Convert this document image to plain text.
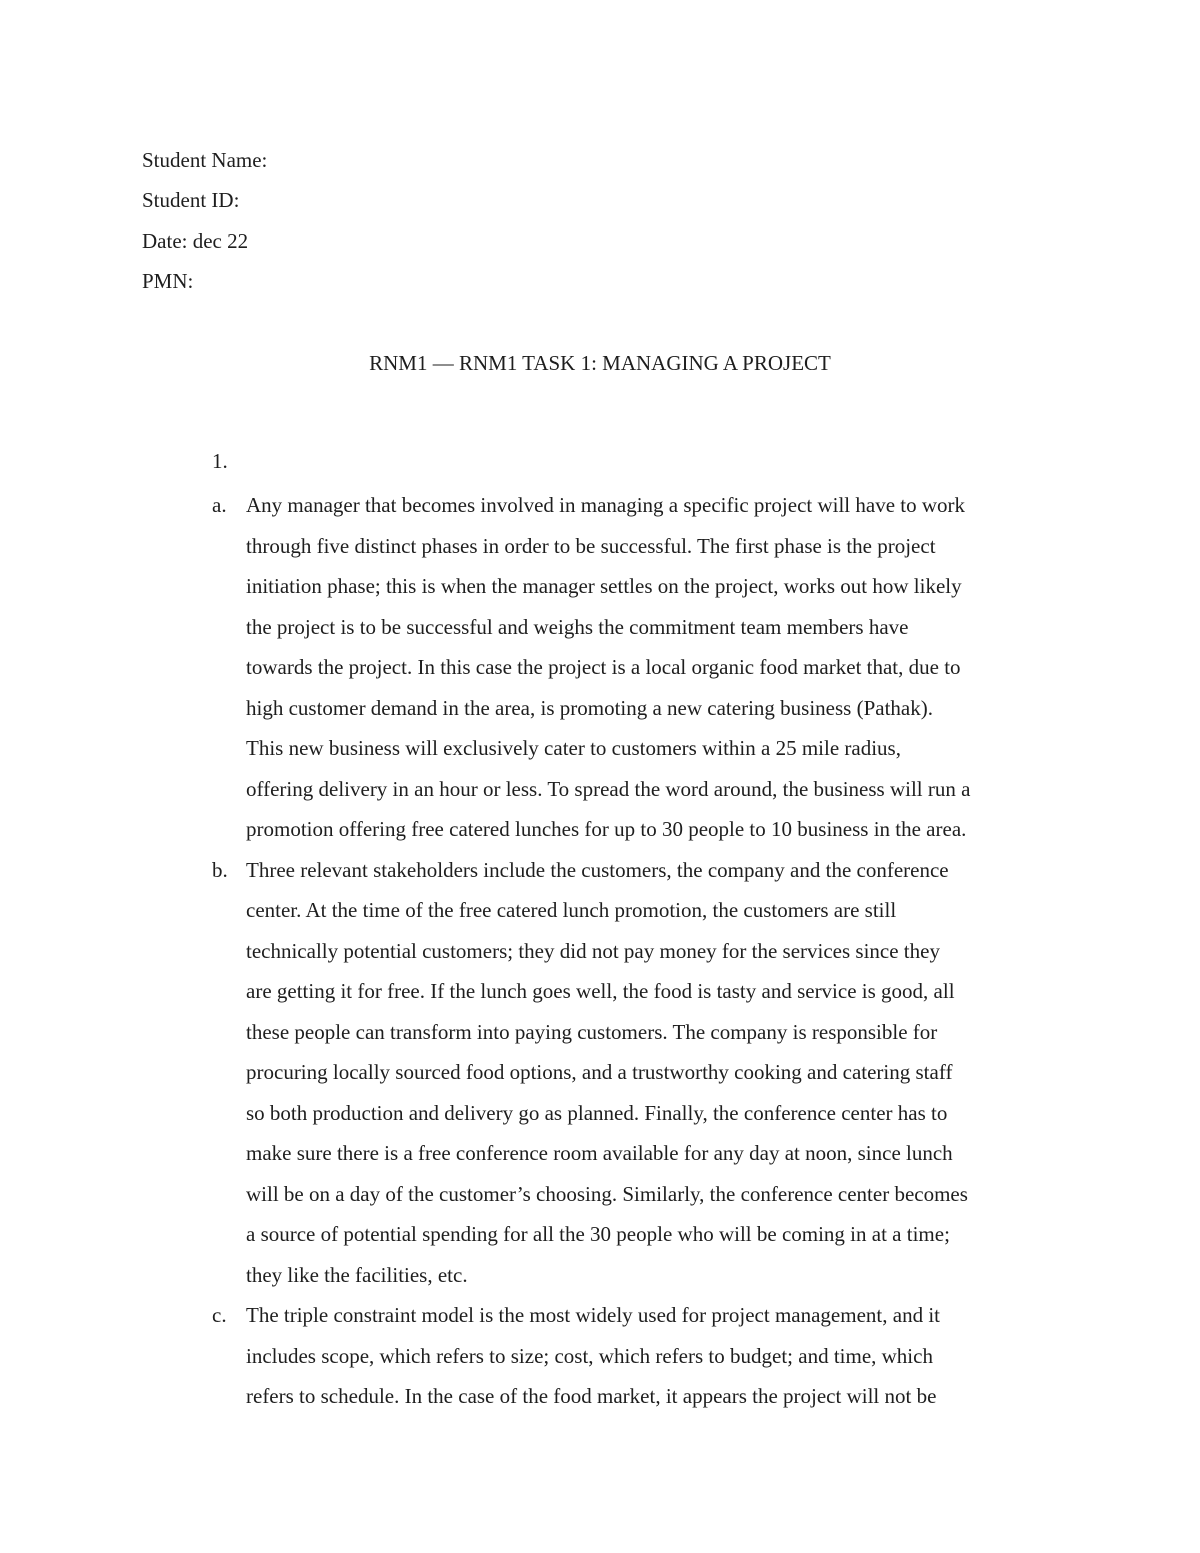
Student Name:
Student ID:
Date: dec 22
PMN:
RNM1 — RNM1 TASK 1: MANAGING A PROJECT
1.
a. Any manager that becomes involved in managing a specific project will have to work
through five distinct phases in order to be successful. The first phase is the project
initiation phase; this is when the manager settles on the project, works out how likely
the project is to be successful and weighs the commitment team members have
towards the project. In this case the project is a local organic food market that, due to
high customer demand in the area, is promoting a new catering business (Pathak).
This new business will exclusively cater to customers within a 25 mile radius,
offering delivery in an hour or less. To spread the word around, the business will run a
promotion offering free catered lunches for up to 30 people to 10 business in the area.
b. Three relevant stakeholders include the customers, the company and the conference
center. At the time of the free catered lunch promotion, the customers are still
technically potential customers; they did not pay money for the services since they
are getting it for free. If the lunch goes well, the food is tasty and service is good, all
these people can transform into paying customers. The company is responsible for
procuring locally sourced food options, and a trustworthy cooking and catering staff
so both production and delivery go as planned. Finally, the conference center has to
make sure there is a free conference room available for any day at noon, since lunch
will be on a day of the customer’s choosing. Similarly, the conference center becomes
a source of potential spending for all the 30 people who will be coming in at a time;
they like the facilities, etc.
c. The triple constraint model is the most widely used for project management, and it
includes scope, which refers to size; cost, which refers to budget; and time, which
refers to schedule. In the case of the food market, it appears the project will not be
